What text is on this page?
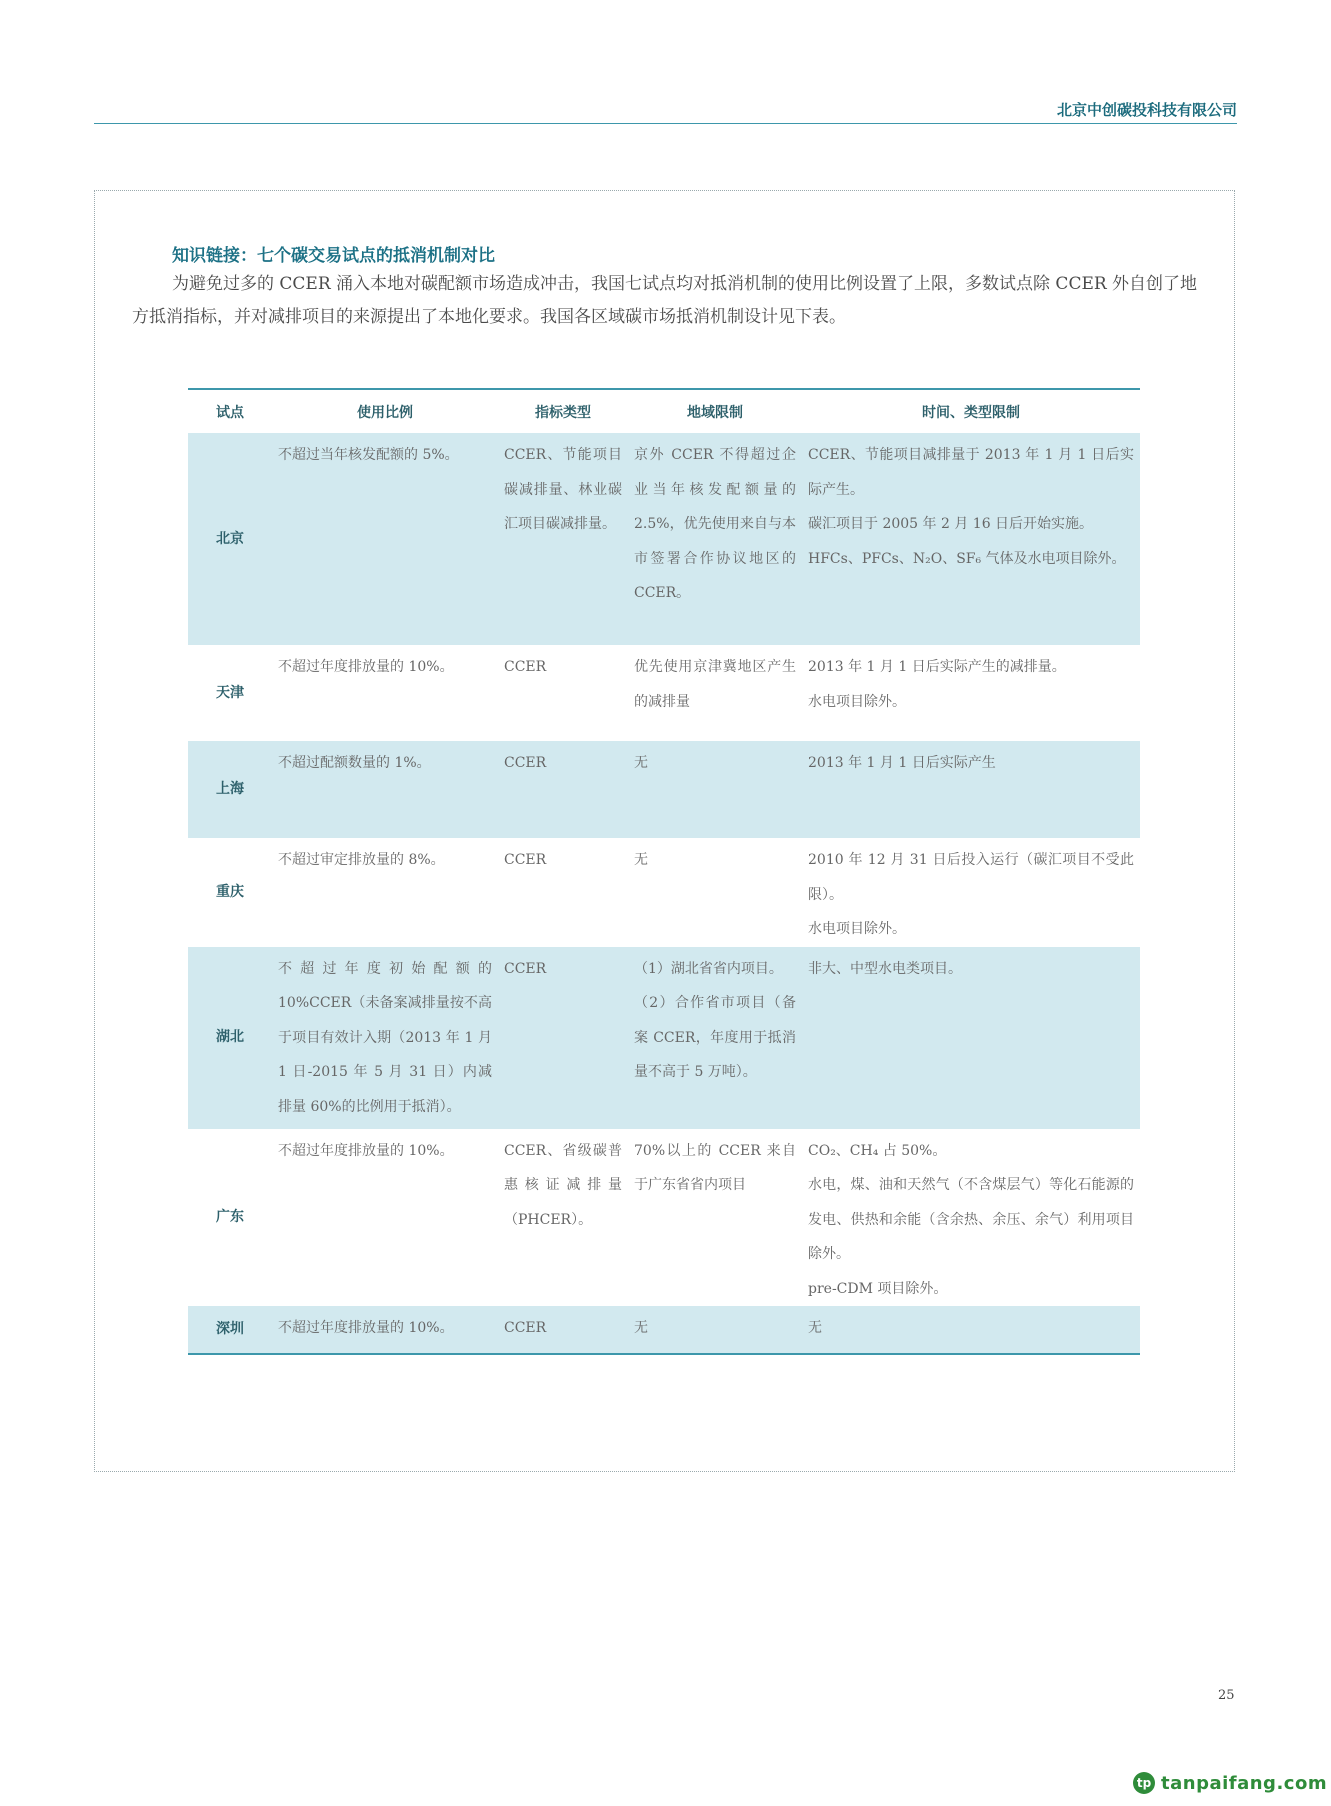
北京中创碳投科技有限公司
知识链接：七个碳交易试点的抵消机制对比
为避免过多的 CCER 涌入本地对碳配额市场造成冲击，我国七试点均对抵消机制的使用比例设置了上限，多数试点除 CCER 外自创了地方抵消指标，并对减排项目的来源提出了本地化要求。我国各区域碳市场抵消机制设计见下表。
试点	使用比例	指标类型	地域限制	时间、类型限制
北京	不超过当年核发配额的 5%。	CCER、节能项目碳减排量、林业碳汇项目碳减排量。	京外 CCER 不得超过企业当年核发配额量的 2.5%，优先使用来自与本市签署合作协议地区的 CCER。	CCER、节能项目减排量于 2013 年 1 月 1 日后实际产生。
碳汇项目于 2005 年 2 月 16 日后开始实施。
HFCs、PFCs、N₂O、SF₆ 气体及水电项目除外。

天津	不超过年度排放量的 10%。	CCER	优先使用京津冀地区产生的减排量	2013 年 1 月 1 日后实际产生的减排量。
水电项目除外。

上海	不超过配额数量的 1%。	CCER	无	2013 年 1 月 1 日后实际产生

重庆	不超过审定排放量的 8%。	CCER	无	2010 年 12 月 31 日后投入运行（碳汇项目不受此限）。
水电项目除外。

湖北	不超过年度初始配额的 10%CCER（未备案减排量按不高于项目有效计入期（2013 年 1 月 1 日-2015 年 5 月 31 日）内减排量 60%的比例用于抵消）。	CCER	（1）湖北省省内项目。
（2）合作省市项目（备案 CCER，年度用于抵消量不高于 5 万吨）。	非大、中型水电类项目。

广东	不超过年度排放量的 10%。	CCER、省级碳普惠核证减排量（PHCER）。	70%以上的 CCER 来自于广东省省内项目	CO₂、CH₄ 占 50%。
水电，煤、油和天然气（不含煤层气）等化石能源的发电、供热和余能（含余热、余压、余气）利用项目除外。
pre-CDM 项目除外。

深圳	不超过年度排放量的 10%。	CCER	无	无
25
tp tanpaifang.com
